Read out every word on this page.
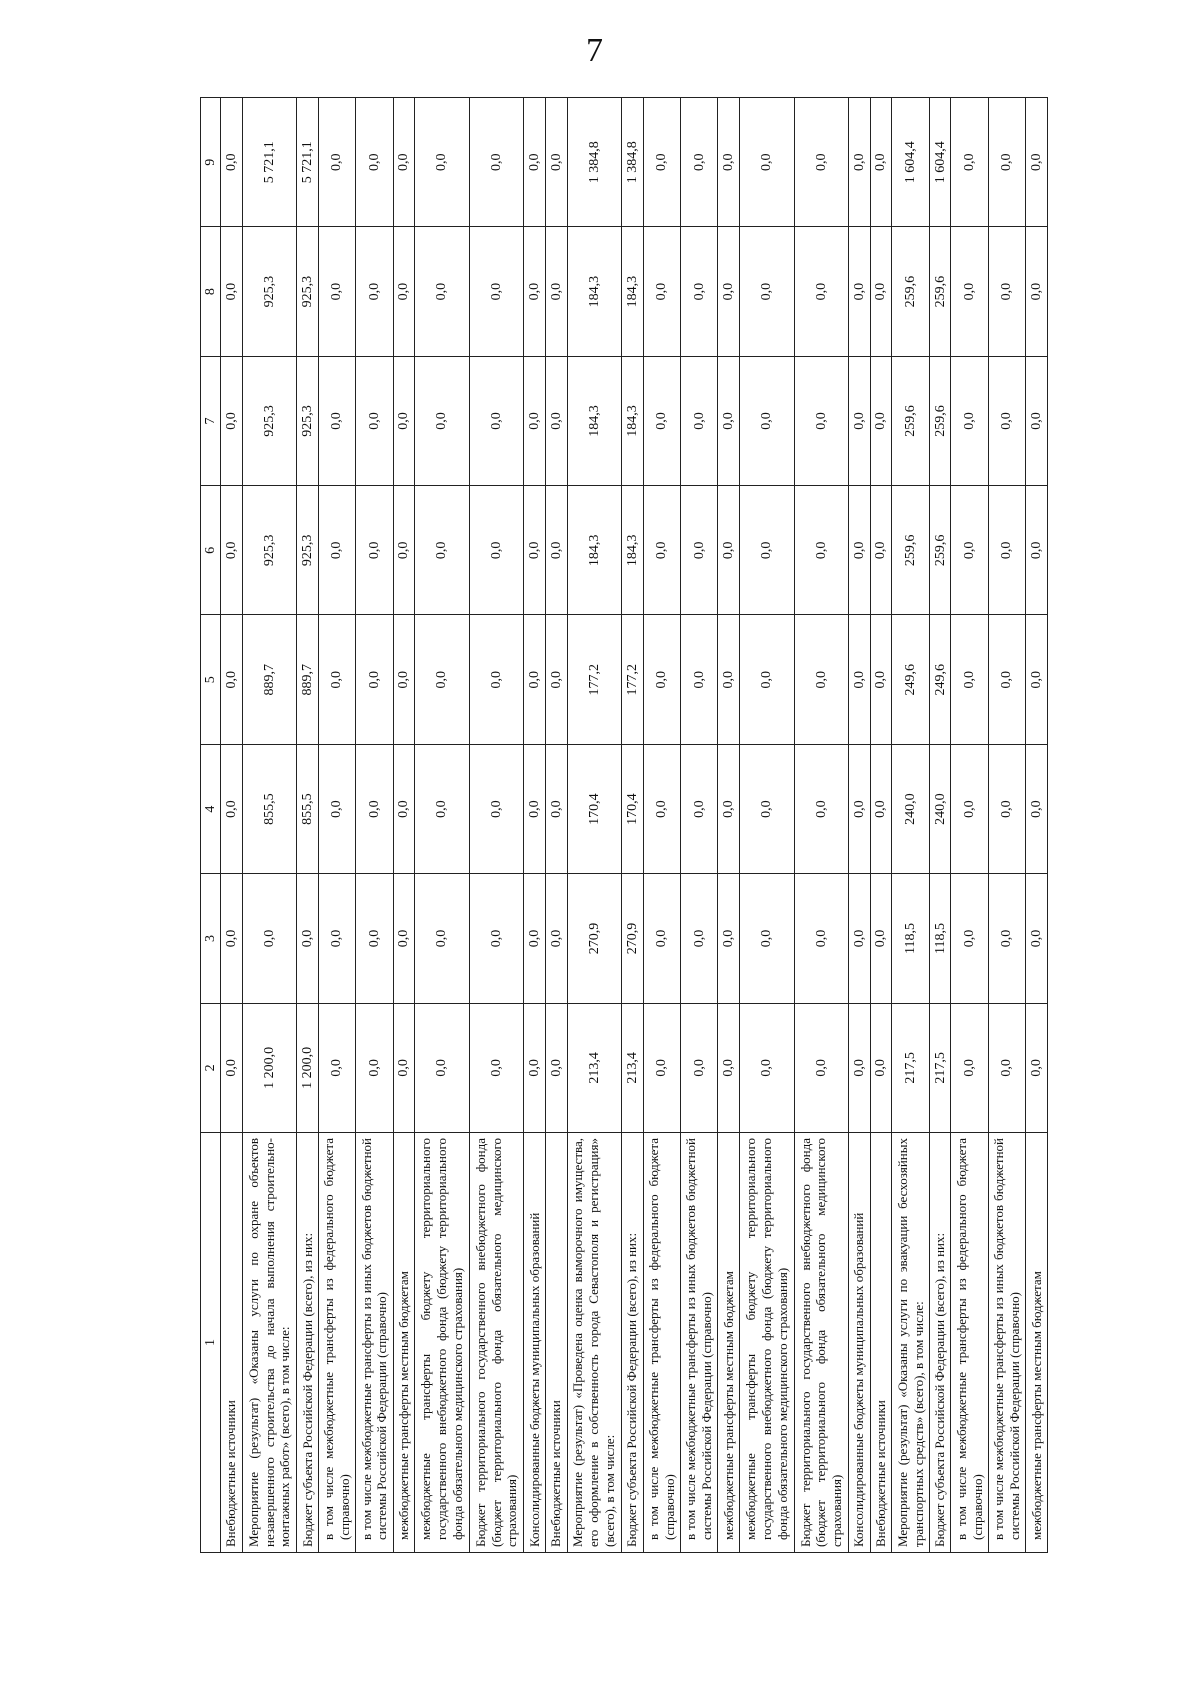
7
1	2	3	4	5	6	7	8	9
Внебюджетные источники	0,0	0,0	0,0	0,0	0,0	0,0	0,0	0,0
Мероприятие (результат) «Оказаны услуги по охране объектов незавершенного строительства до начала выполнения строительно-монтажных работ» (всего), в том числе:	1 200,0	0,0	855,5	889,7	925,3	925,3	925,3	5 721,1
Бюджет субъекта Российской Федерации (всего), из них:	1 200,0	0,0	855,5	889,7	925,3	925,3	925,3	5 721,1
в том числе межбюджетные трансферты из федерального бюджета (справочно)	0,0	0,0	0,0	0,0	0,0	0,0	0,0	0,0
в том числе межбюджетные трансферты из иных бюджетов бюджетной системы Российской Федерации (справочно)	0,0	0,0	0,0	0,0	0,0	0,0	0,0	0,0
межбюджетные трансферты местным бюджетам	0,0	0,0	0,0	0,0	0,0	0,0	0,0	0,0
межбюджетные трансферты бюджету территориального государственного внебюджетного фонда (бюджету территориального фонда обязательного медицинского страхования)	0,0	0,0	0,0	0,0	0,0	0,0	0,0	0,0
Бюджет территориального государственного внебюджетного фонда (бюджет территориального фонда обязательного медицинского страхования)	0,0	0,0	0,0	0,0	0,0	0,0	0,0	0,0
Консолидированные бюджеты муниципальных образований	0,0	0,0	0,0	0,0	0,0	0,0	0,0	0,0
Внебюджетные источники	0,0	0,0	0,0	0,0	0,0	0,0	0,0	0,0
Мероприятие (результат) «Проведена оценка выморочного имущества, его оформление в собственность города Севастополя и регистрация» (всего), в том числе:	213,4	270,9	170,4	177,2	184,3	184,3	184,3	1 384,8
Бюджет субъекта Российской Федерации (всего), из них:	213,4	270,9	170,4	177,2	184,3	184,3	184,3	1 384,8
в том числе межбюджетные трансферты из федерального бюджета (справочно)	0,0	0,0	0,0	0,0	0,0	0,0	0,0	0,0
в том числе межбюджетные трансферты из иных бюджетов бюджетной системы Российской Федерации (справочно)	0,0	0,0	0,0	0,0	0,0	0,0	0,0	0,0
межбюджетные трансферты местным бюджетам	0,0	0,0	0,0	0,0	0,0	0,0	0,0	0,0
межбюджетные трансферты бюджету территориального государственного внебюджетного фонда (бюджету территориального фонда обязательного медицинского страхования)	0,0	0,0	0,0	0,0	0,0	0,0	0,0	0,0
Бюджет территориального государственного внебюджетного фонда (бюджет территориального фонда обязательного медицинского страхования)	0,0	0,0	0,0	0,0	0,0	0,0	0,0	0,0
Консолидированные бюджеты муниципальных образований	0,0	0,0	0,0	0,0	0,0	0,0	0,0	0,0
Внебюджетные источники	0,0	0,0	0,0	0,0	0,0	0,0	0,0	0,0
Мероприятие (результат) «Оказаны услуги по эвакуации бесхозяйных транспортных средств» (всего), в том числе:	217,5	118,5	240,0	249,6	259,6	259,6	259,6	1 604,4
Бюджет субъекта Российской Федерации (всего), из них:	217,5	118,5	240,0	249,6	259,6	259,6	259,6	1 604,4
в том числе межбюджетные трансферты из федерального бюджета (справочно)	0,0	0,0	0,0	0,0	0,0	0,0	0,0	0,0
в том числе межбюджетные трансферты из иных бюджетов бюджетной системы Российской Федерации (справочно)	0,0	0,0	0,0	0,0	0,0	0,0	0,0	0,0
межбюджетные трансферты местным бюджетам	0,0	0,0	0,0	0,0	0,0	0,0	0,0	0,0
